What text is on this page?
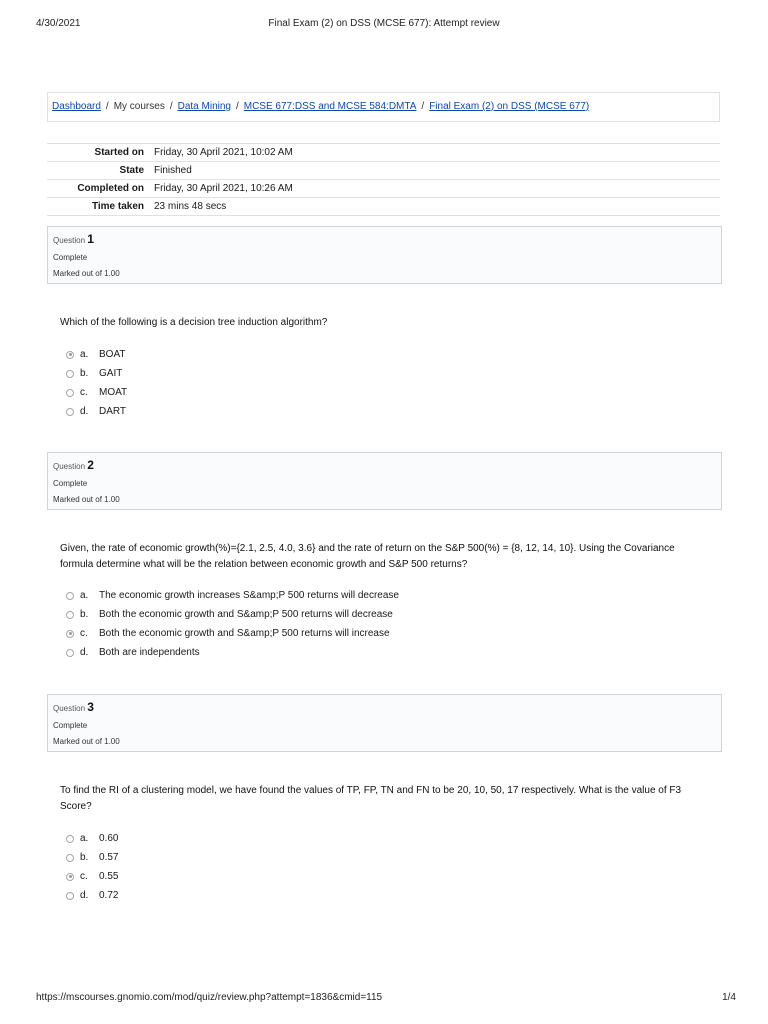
4/30/2021	Final Exam (2) on DSS (MCSE 677): Attempt review
Dashboard / My courses / Data Mining / MCSE 677:DSS and MCSE 584:DMTA / Final Exam (2) on DSS (MCSE 677)
Started on	Friday, 30 April 2021, 10:02 AM
State	Finished
Completed on	Friday, 30 April 2021, 10:26 AM
Time taken	23 mins 48 secs
Question 1
Complete
Marked out of 1.00
Which of the following is a decision tree induction algorithm?
a.	BOAT
b.	GAIT
c.	MOAT
d.	DART
Question 2
Complete
Marked out of 1.00
Given, the rate of economic growth(%)={2.1, 2.5, 4.0, 3.6} and the rate of return on the S&P 500(%) = {8, 12, 14, 10}. Using the Covariance formula determine what will be the relation between economic growth and S&P 500 returns?
a.	The economic growth increases S&amp;P 500 returns will decrease
b.	Both the economic growth and S&amp;P 500 returns will decrease
c.	Both the economic growth and S&amp;P 500 returns will increase
d.	Both are independents
Question 3
Complete
Marked out of 1.00
To find the RI of a clustering model, we have found the values of TP, FP, TN and FN to be 20, 10, 50, 17 respectively. What is the value of F3 Score?
a.	0.60
b.	0.57
c.	0.55
d.	0.72
https://mscourses.gnomio.com/mod/quiz/review.php?attempt=1836&cmid=115	1/4
